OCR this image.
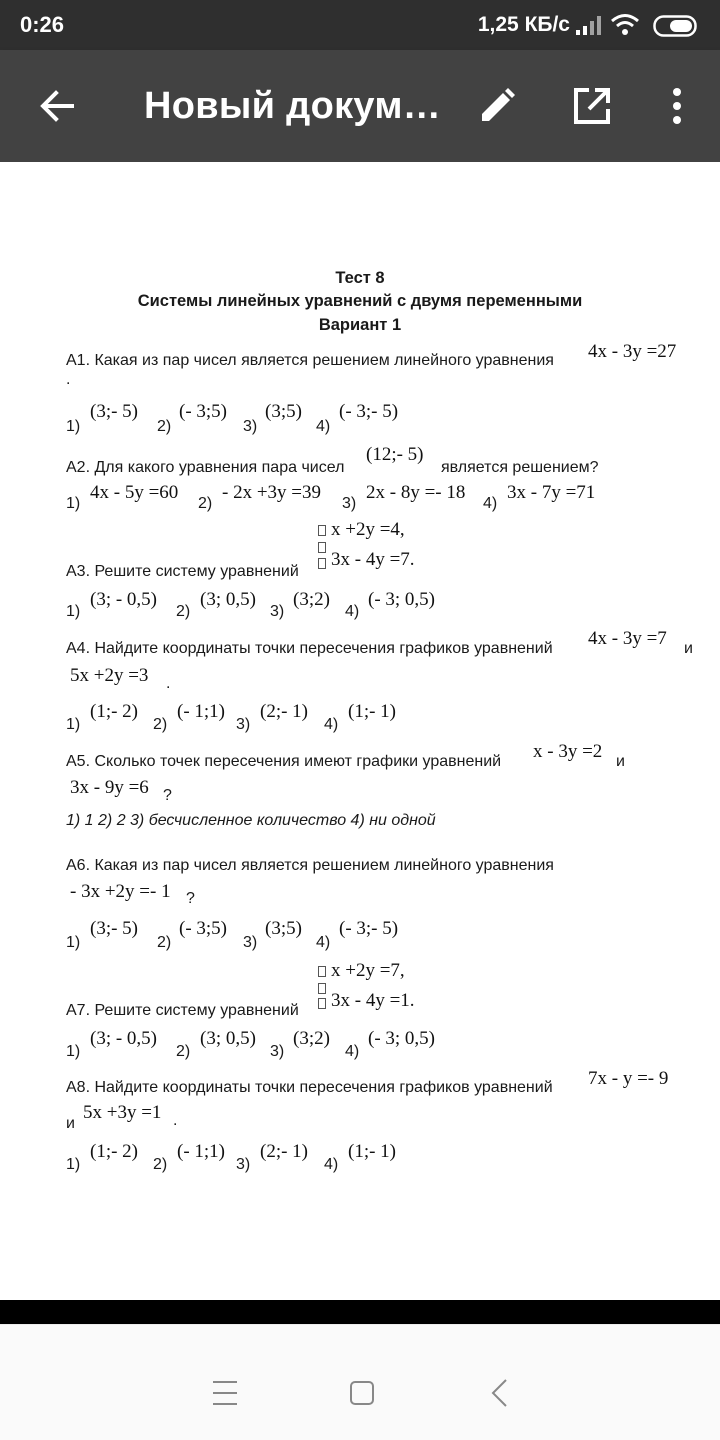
0:26	1,25 КБ/с
Новый докум…
Тест 8
Системы линейных уравнений с двумя переменными
Вариант 1
А1. Какая из пар чисел является решением линейного уравнения 4x - 3y =27
.
1)
(3;- 5)
2)
(- 3;5)
3)
(3;5)
4)
(- 3;- 5)
А2. Для какого уравнения пара чисел
(12;- 5)
является решением?
1)
4x - 5y =60
2)
- 2x +3y =39
3)
2x - 8y =- 18
4)
3x - 7y =71
x +2y =4,
3x - 4y =7.
А3. Решите систему уравнений
1)
(3; - 0,5)
2)
(3; 0,5)
3)
(3;2)
4)
(- 3; 0,5)
А4. Найдите координаты точки пересечения графиков уравнений 4x - 3y =7 и
5x +2y =3 .
1)
(1;- 2)
2)
(- 1;1)
3)
(2;- 1)
4)
(1;- 1)
А5. Сколько точек пересечения имеют графики уравнений x - 3y =2 и
3x - 9y =6 ?
1) 1 2) 2 3) бесчисленное количество 4) ни одной
А6. Какая из пар чисел является решением линейного уравнения
- 3x +2y =- 1 ?
1)
(3;- 5)
2)
(- 3;5)
3)
(3;5)
4)
(- 3;- 5)
x +2y =7,
3x - 4y =1.
А7. Решите систему уравнений
1)
(3; - 0,5)
2)
(3; 0,5)
3)
(3;2)
4)
(- 3; 0,5)
А8. Найдите координаты точки пересечения графиков уравнений 7x - y =- 9
и
5x +3y =1 .
1)
(1;- 2)
2)
(- 1;1)
3)
(2;- 1)
4)
(1;- 1)
